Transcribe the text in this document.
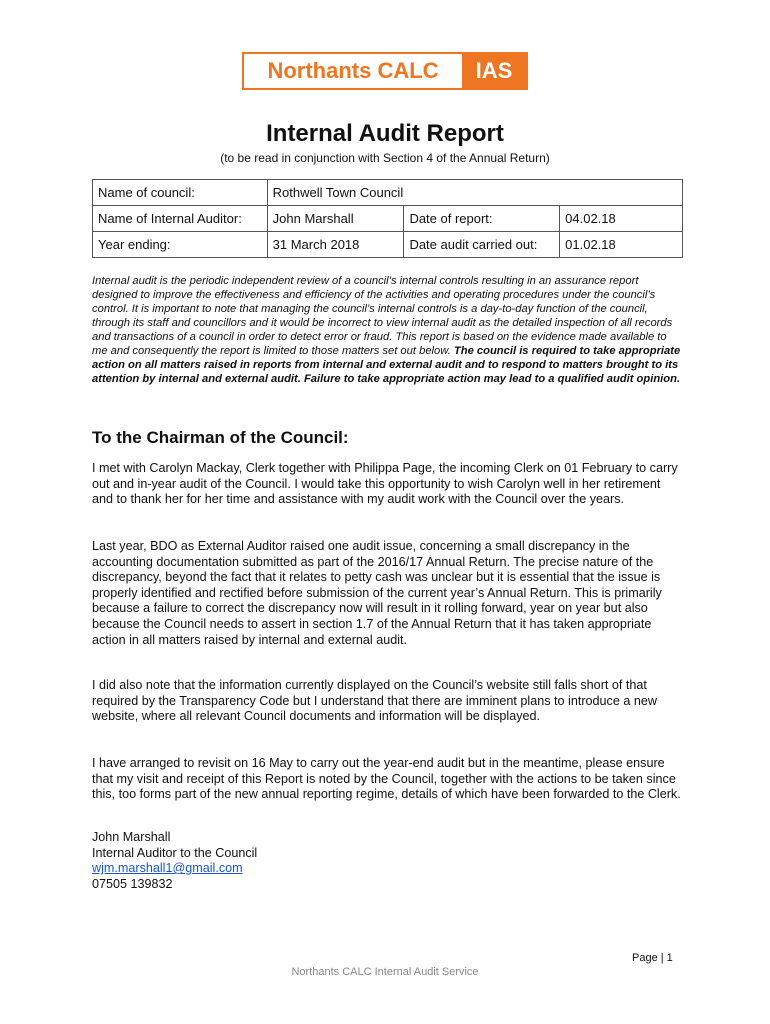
Northants CALC	IAS
Internal Audit Report
(to be read in conjunction with Section 4 of the Annual Return)
Name of council:	Rothwell Town Council		
Name of Internal Auditor:	John Marshall	Date of report:	04.02.18
Year ending:	31 March 2018	Date audit carried out:	01.02.18
Internal audit is the periodic independent review of a council’s internal controls resulting in an assurance report designed to improve the effectiveness and efficiency of the activities and operating procedures under the council’s control. It is important to note that managing the council’s internal controls is a day-to-day function of the council, through its staff and councillors and it would be incorrect to view internal audit as the detailed inspection of all records and transactions of a council in order to detect error or fraud. This report is based on the evidence made available to me and consequently the report is limited to those matters set out below. The council is required to take appropriate action on all matters raised in reports from internal and external audit and to respond to matters brought to its attention by internal and external audit. Failure to take appropriate action may lead to a qualified audit opinion.
To the Chairman of the Council:

I met with Carolyn Mackay, Clerk together with Philippa Page, the incoming Clerk on 01 February to carry out and in-year audit of the Council. I would take this opportunity to wish Carolyn well in her retirement and to thank her for her time and assistance with my audit work with the Council over the years.

Last year, BDO as External Auditor raised one audit issue, concerning a small discrepancy in the accounting documentation submitted as part of the 2016/17 Annual Return. The precise nature of the discrepancy, beyond the fact that it relates to petty cash was unclear but it is essential that the issue is properly identified and rectified before submission of the current year’s Annual Return. This is primarily because a failure to correct the discrepancy now will result in it rolling forward, year on year but also because the Council needs to assert in section 1.7 of the Annual Return that it has taken appropriate action in all matters raised by internal and external audit.

I did also note that the information currently displayed on the Council’s website still falls short of that required by the Transparency Code but I understand that there are imminent plans to introduce a new website, where all relevant Council documents and information will be displayed.

I have arranged to revisit on 16 May to carry out the year-end audit but in the meantime, please ensure that my visit and receipt of this Report is noted by the Council, together with the actions to be taken since this, too forms part of the new annual reporting regime, details of which have been forwarded to the Clerk.

John Marshall
Internal Auditor to the Council
wjm.marshall1@gmail.com
07505 139832
Page | 1
Northants CALC Internal Audit Service
